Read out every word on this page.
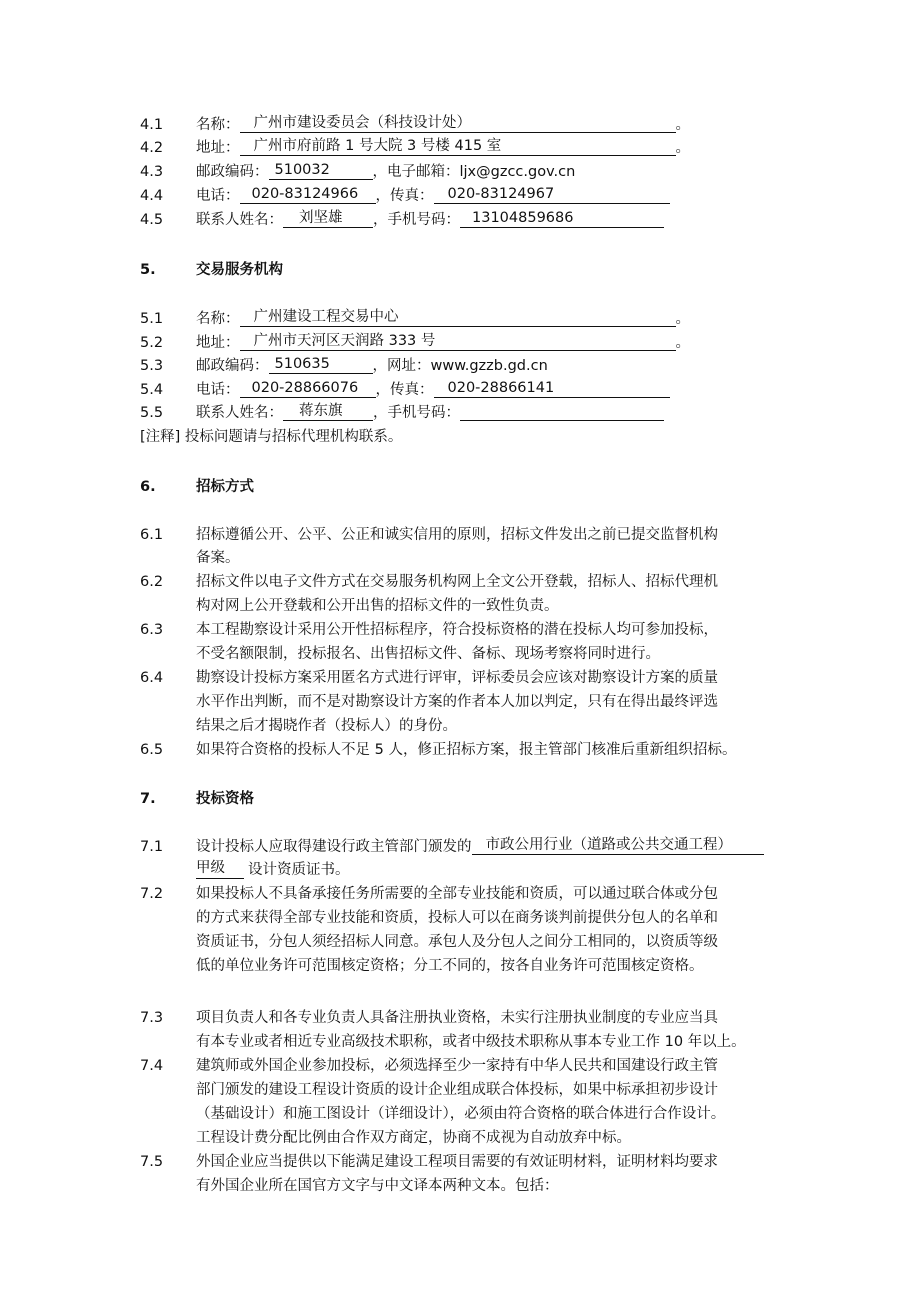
4.1 名称： 广州市建设委员会（科技设计处）	。
4.2 地址： 广州市府前路 1 号大院 3 号楼 415 室	。
4.3 邮政编码： 510032	，电子邮箱：ljx@gzcc.gov.cn
4.4 电话： 020-83124966 ，传真： 020-83124967
4.5 联系人姓名： 刘坚雄 ，手机号码： 13104859686
5.	交易服务机构
5.1 名称： 广州建设工程交易中心	。
5.2 地址： 广州市天河区天润路 333 号	。
5.3 邮政编码： 510635	，网址：www.gzzb.gd.cn
5.4 电话： 020-28866076 ，传真： 020-28866141
5.5 联系人姓名： 蒋东旗 ，手机号码：
[注释] 投标问题请与招标代理机构联系。
6.	招标方式
6.1 招标遵循公开、公平、公正和诚实信用的原则，招标文件发出之前已提交监督机构
备案。
6.2 招标文件以电子文件方式在交易服务机构网上全文公开登载，招标人、招标代理机
构对网上公开登载和公开出售的招标文件的一致性负责。
6.3 本工程勘察设计采用公开性招标程序，符合投标资格的潜在投标人均可参加投标，
不受名额限制，投标报名、出售招标文件、备标、现场考察将同时进行。
6.4 勘察设计投标方案采用匿名方式进行评审，评标委员会应该对勘察设计方案的质量
水平作出判断，而不是对勘察设计方案的作者本人加以判定，只有在得出最终评选
结果之后才揭晓作者（投标人）的身份。
6.5 如果符合资格的投标人不足 5 人，修正招标方案，报主管部门核准后重新组织招标。
7.	投标资格
7.1 设计投标人应取得建设行政主管部门颁发的 市政公用行业（道路或公共交通工程）
甲级 设计资质证书。
7.2 如果投标人不具备承接任务所需要的全部专业技能和资质，可以通过联合体或分包
的方式来获得全部专业技能和资质，投标人可以在商务谈判前提供分包人的名单和
资质证书，分包人须经招标人同意。承包人及分包人之间分工相同的，以资质等级
低的单位业务许可范围核定资格；分工不同的，按各自业务许可范围核定资格。
7.3 项目负责人和各专业负责人具备注册执业资格，未实行注册执业制度的专业应当具
有本专业或者相近专业高级技术职称，或者中级技术职称从事本专业工作 10 年以上。
7.4 建筑师或外国企业参加投标，必须选择至少一家持有中华人民共和国建设行政主管
部门颁发的建设工程设计资质的设计企业组成联合体投标，如果中标承担初步设计
（基础设计）和施工图设计（详细设计），必须由符合资格的联合体进行合作设计。
工程设计费分配比例由合作双方商定，协商不成视为自动放弃中标。
7.5 外国企业应当提供以下能满足建设工程项目需要的有效证明材料，证明材料均要求
有外国企业所在国官方文字与中文译本两种文本。包括：
